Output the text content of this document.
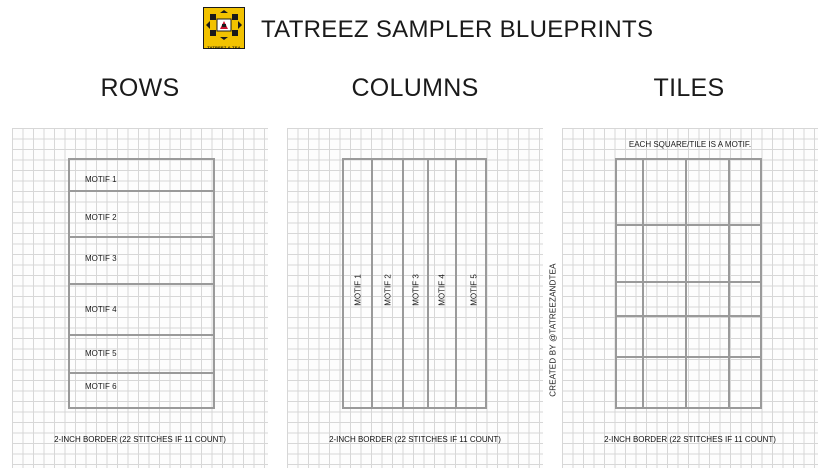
TATREEZ & TEA
TATREEZ SAMPLER BLUEPRINTS
ROWS	COLUMNS	TILES
MOTIF 1
MOTIF 2
MOTIF 3
MOTIF 4
MOTIF 5
MOTIF 6
2-INCH BORDER (22 STITCHES IF 11 COUNT)
MOTIF 1	MOTIF 2 MOTIF 3 MOTIF 4	MOTIF 5
2-INCH BORDER (22 STITCHES IF 11 COUNT)
CREATED BY @TATREEZANDTEA
EACH SQUARE/TILE IS A MOTIF.
2-INCH BORDER (22 STITCHES IF 11 COUNT)
